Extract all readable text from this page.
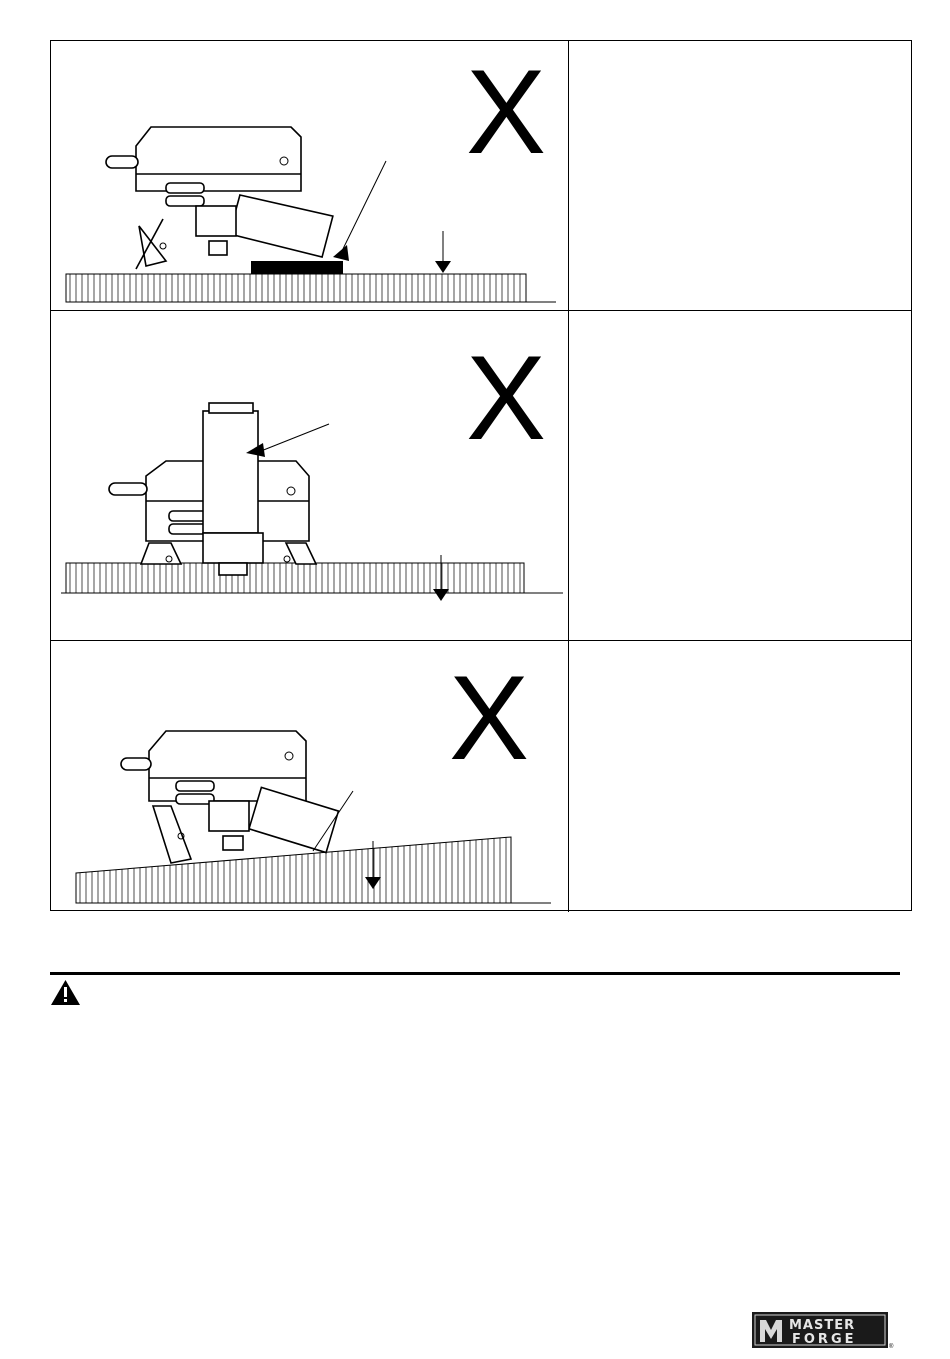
X

X

X

MASTER
FORGE	®
